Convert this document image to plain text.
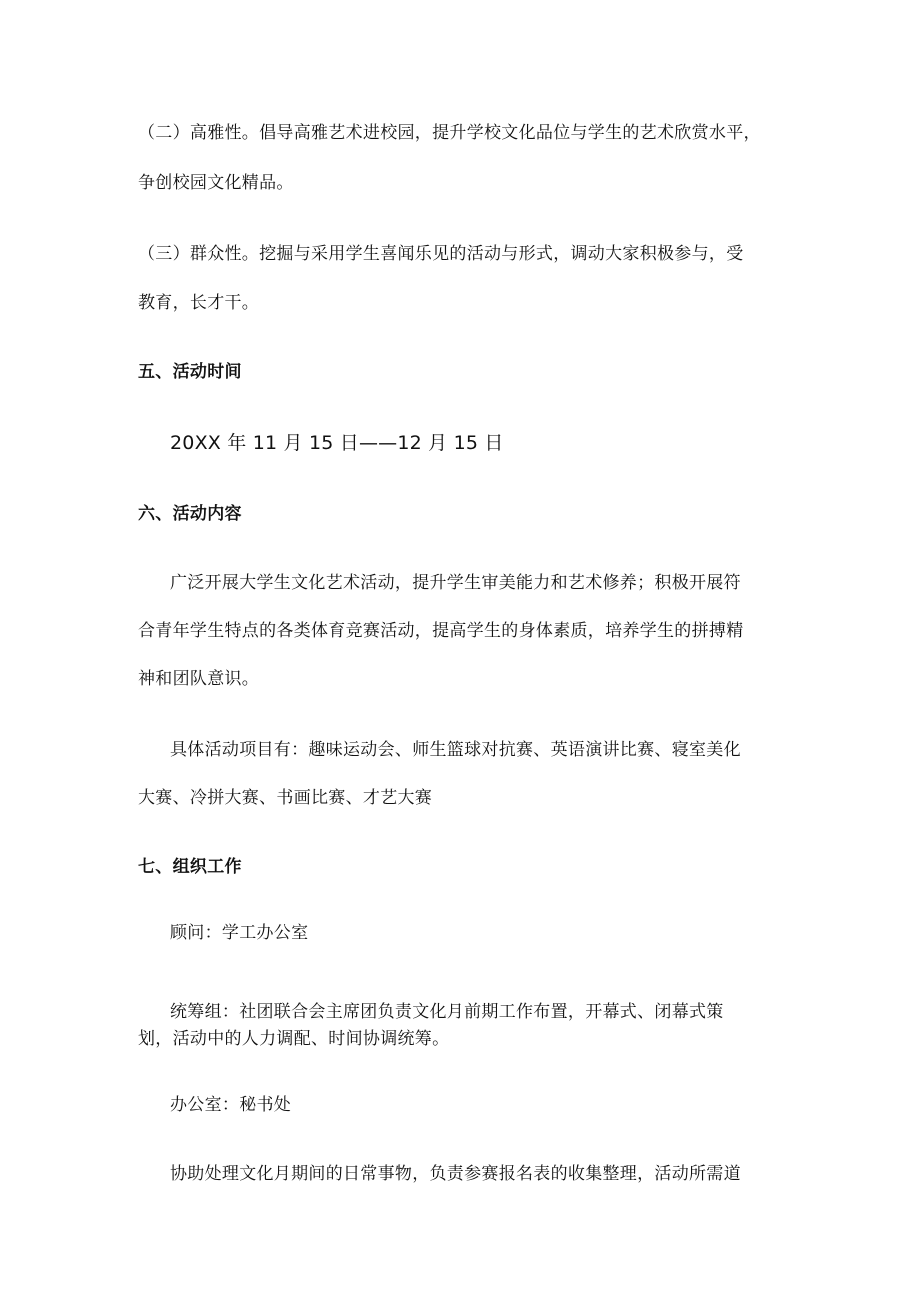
（二）高雅性。倡导高雅艺术进校园，提升学校文化品位与学生的艺术欣赏水平，
争创校园文化精品。
（三）群众性。挖掘与采用学生喜闻乐见的活动与形式，调动大家积极参与，受
教育，长才干。
五、活动时间
20XX 年 11 月 15 日——12 月 15 日
六、活动内容
广泛开展大学生文化艺术活动，提升学生审美能力和艺术修养；积极开展符
合青年学生特点的各类体育竞赛活动，提高学生的身体素质，培养学生的拼搏精
神和团队意识。
具体活动项目有：趣味运动会、师生篮球对抗赛、英语演讲比赛、寝室美化
大赛、冷拼大赛、书画比赛、才艺大赛
七、组织工作
顾问：学工办公室
统筹组：社团联合会主席团负责文化月前期工作布置，开幕式、闭幕式策
划，活动中的人力调配、时间协调统筹。
办公室：秘书处
协助处理文化月期间的日常事物，负责参赛报名表的收集整理，活动所需道
